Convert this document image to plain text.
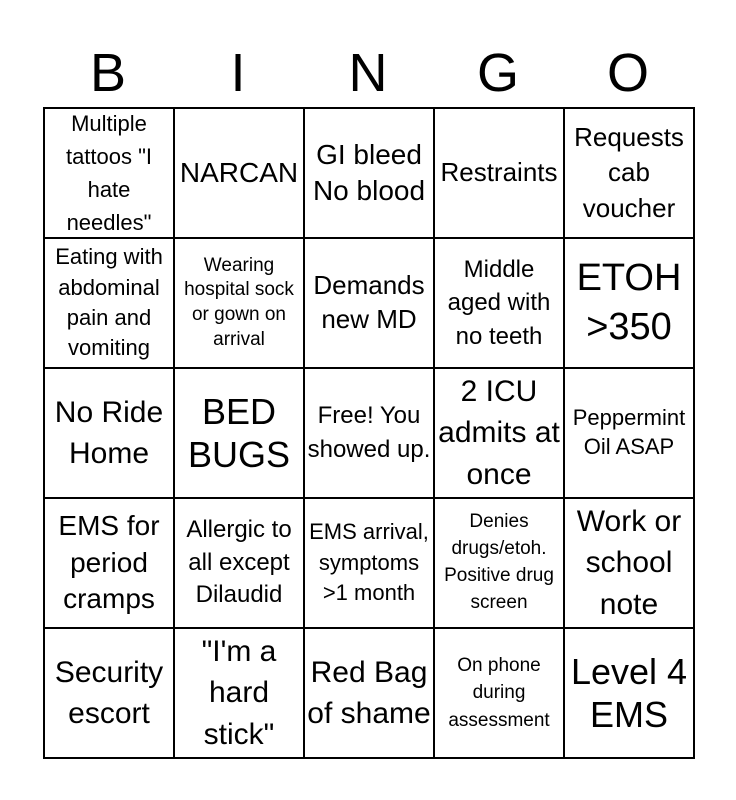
B	I	N	G	O
Multiple tattoos "I hate needles"
NARCAN
GI bleed No blood
Restraints
Requests cab voucher
Eating with abdominal pain and vomiting
Wearing hospital sock or gown on arrival
Demands new MD
Middle aged with no teeth
ETOH >350
No Ride Home
BED BUGS
Free! You showed up.
2 ICU admits at once
Peppermint Oil ASAP
EMS for period cramps
Allergic to all except Dilaudid
EMS arrival, symptoms >1 month
Denies drugs/etoh. Positive drug screen
Work or school note
Security escort
"I'm a hard stick"
Red Bag of shame
On phone during assessment
Level 4 EMS
